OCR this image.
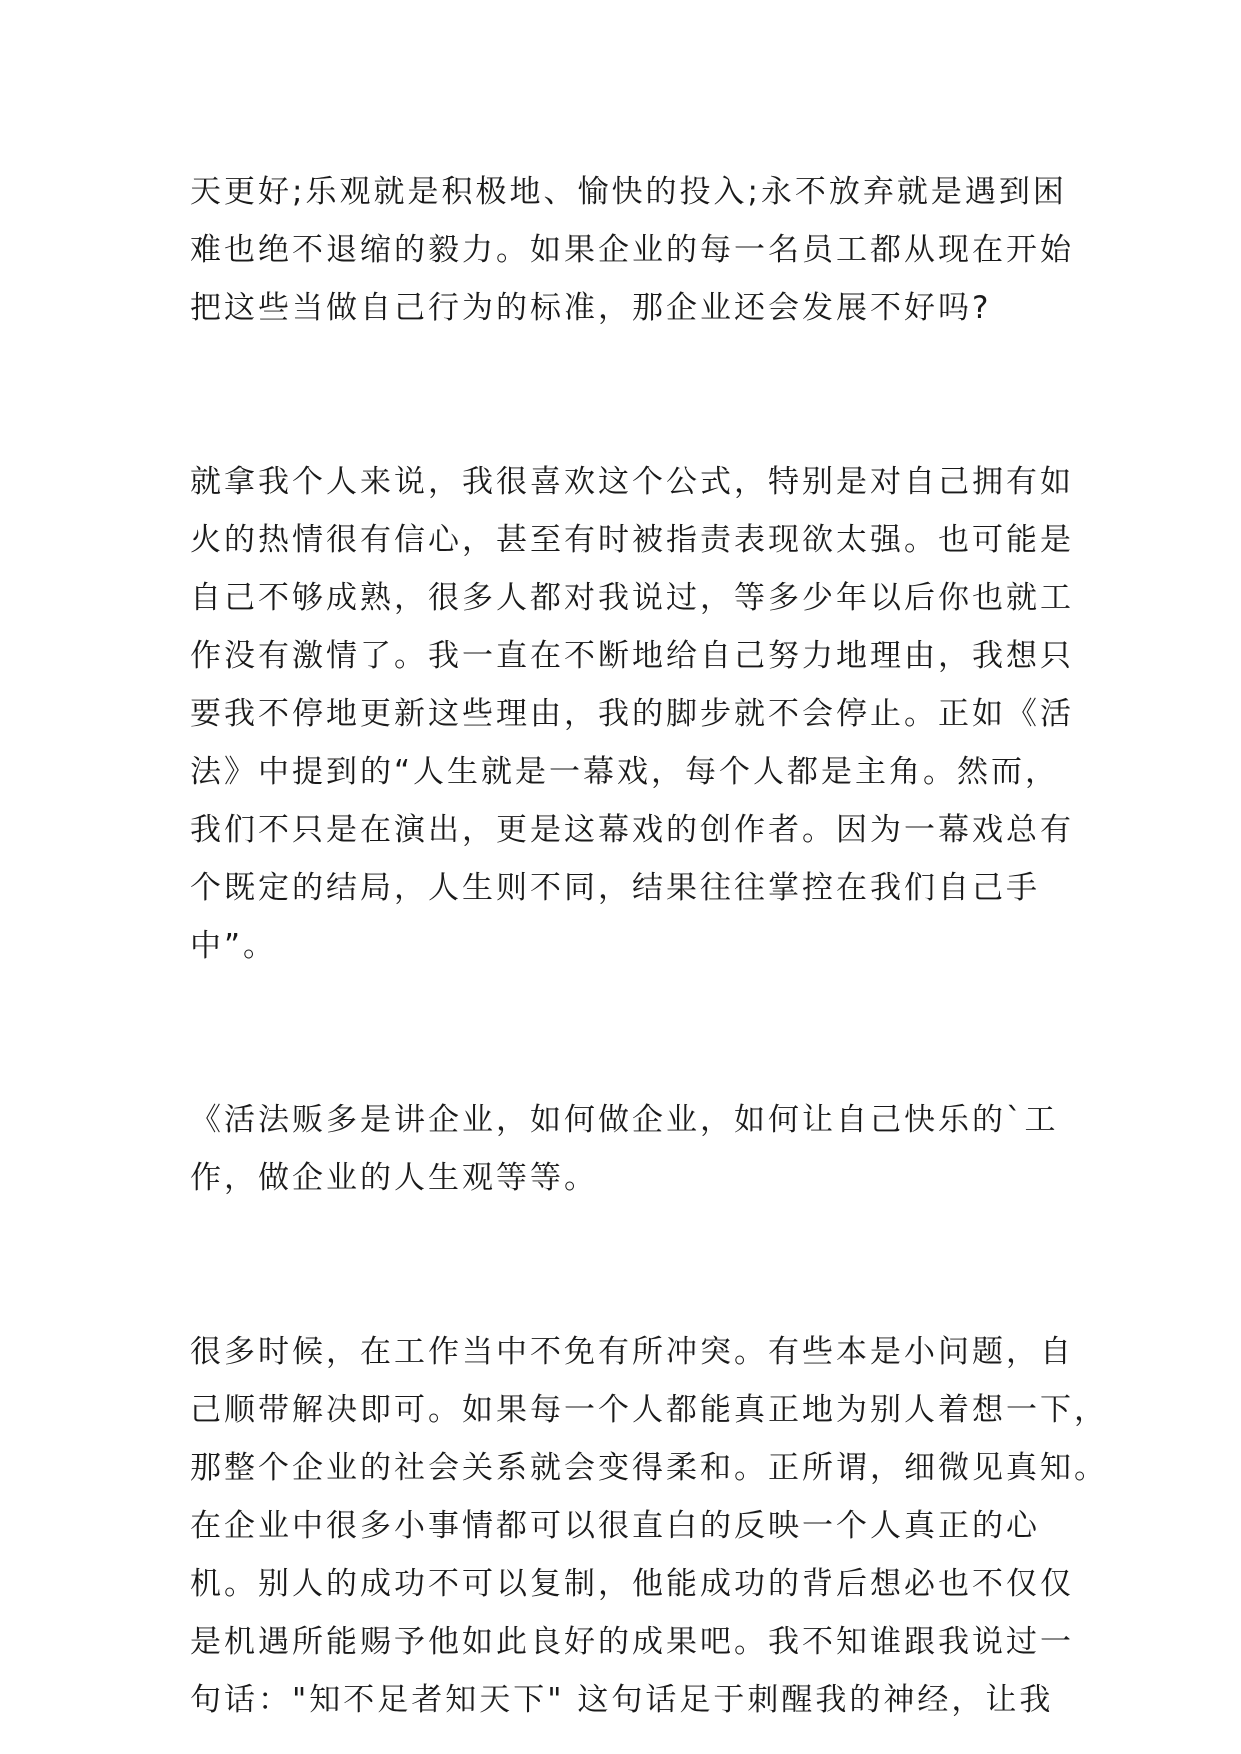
天更好;乐观就是积极地、愉快的投入;永不放弃就是遇到困
难也绝不退缩的毅力。如果企业的每一名员工都从现在开始
把这些当做自己行为的标准，那企业还会发展不好吗?

就拿我个人来说，我很喜欢这个公式，特别是对自己拥有如
火的热情很有信心，甚至有时被指责表现欲太强。也可能是
自己不够成熟，很多人都对我说过，等多少年以后你也就工
作没有激情了。我一直在不断地给自己努力地理由，我想只
要我不停地更新这些理由，我的脚步就不会停止。正如《活
法》中提到的“人生就是一幕戏，每个人都是主角。然而，
我们不只是在演出，更是这幕戏的创作者。因为一幕戏总有
个既定的结局，人生则不同，结果往往掌控在我们自己手
中”。

《活法贩多是讲企业，如何做企业，如何让自己快乐的`工
作，做企业的人生观等等。

很多时候，在工作当中不免有所冲突。有些本是小问题，自
己顺带解决即可。如果每一个人都能真正地为别人着想一下，
那整个企业的社会关系就会变得柔和。正所谓，细微见真知。
在企业中很多小事情都可以很直白的反映一个人真正的心
机。别人的成功不可以复制，他能成功的背后想必也不仅仅
是机遇所能赐予他如此良好的成果吧。我不知谁跟我说过一
句话："知不足者知天下" 这句话足于刺醒我的神经，让我
